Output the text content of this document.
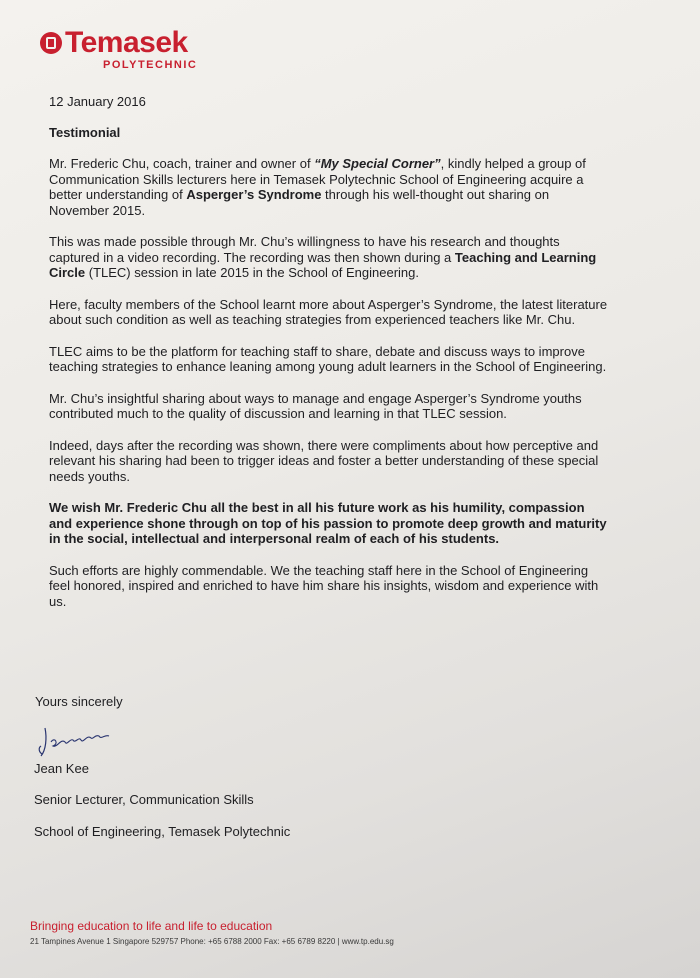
Temasek
POLYTECHNIC
12 January 2016
Testimonial

Mr. Frederic Chu, coach, trainer and owner of “My Special Corner”, kindly helped a group of Communication Skills lecturers here in Temasek Polytechnic School of Engineering acquire a better understanding of Asperger’s Syndrome through his well-thought out sharing on November 2015.

This was made possible through Mr. Chu’s willingness to have his research and thoughts captured in a video recording. The recording was then shown during a Teaching and Learning Circle (TLEC) session in late 2015 in the School of Engineering.

Here, faculty members of the School learnt more about Asperger’s Syndrome, the latest literature about such condition as well as teaching strategies from experienced teachers like Mr. Chu.

TLEC aims to be the platform for teaching staff to share, debate and discuss ways to improve teaching strategies to enhance leaning among young adult learners in the School of Engineering.

Mr. Chu’s insightful sharing about ways to manage and engage Asperger’s Syndrome youths contributed much to the quality of discussion and learning in that TLEC session.

Indeed, days after the recording was shown, there were compliments about how perceptive and relevant his sharing had been to trigger ideas and foster a better understanding of these special needs youths.

We wish Mr. Frederic Chu all the best in all his future work as his humility, compassion and experience shone through on top of his passion to promote deep growth and maturity in the social, intellectual and interpersonal realm of each of his students.

Such efforts are highly commendable. We the teaching staff here in the School of Engineering feel honored, inspired and enriched to have him share his insights, wisdom and experience with us.

Yours sincerely
Jean Kee
Senior Lecturer, Communication Skills
School of Engineering, Temasek Polytechnic
Bringing education to life and life to education
21 Tampines Avenue 1 Singapore 529757 Phone: +65 6788 2000 Fax: +65 6789 8220 | www.tp.edu.sg
